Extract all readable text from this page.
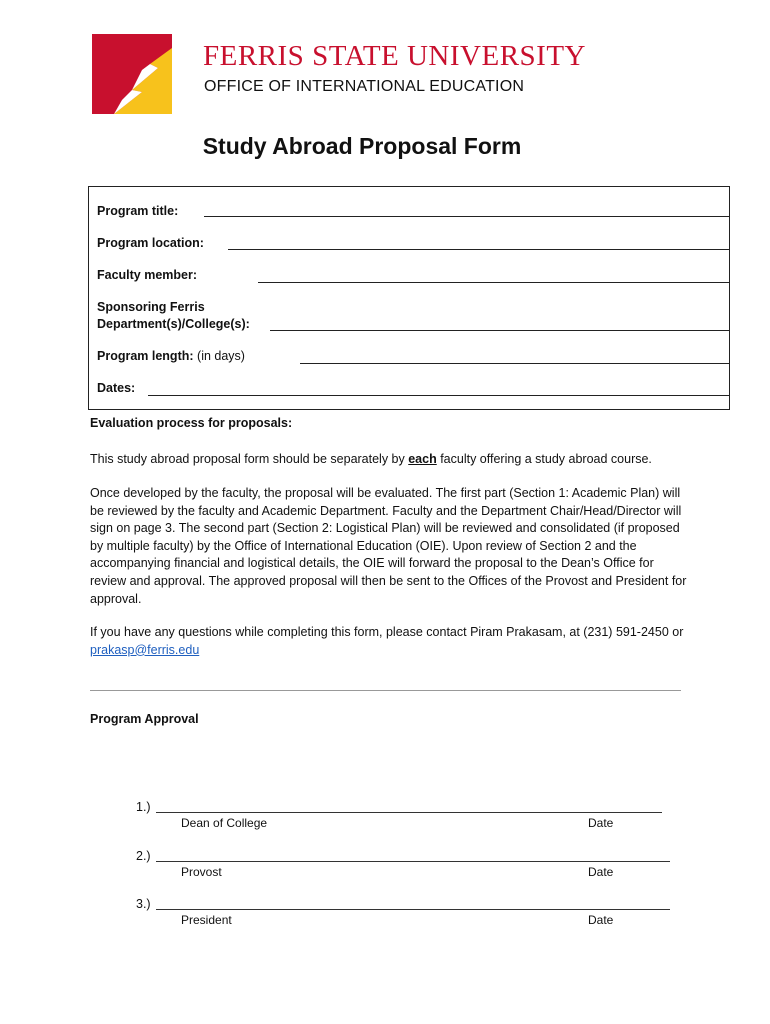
FERRIS STATE UNIVERSITY
OFFICE OF INTERNATIONAL EDUCATION
Study Abroad Proposal Form
Program title:
Program location:
Faculty member:
Sponsoring Ferris
Department(s)/College(s):
Program length: (in days)
Dates:
Evaluation process for proposals:
This study abroad proposal form should be separately by each faculty offering a study abroad course.
Once developed by the faculty, the proposal will be evaluated. The first part (Section 1: Academic Plan) will be reviewed by the faculty and Academic Department. Faculty and the Department Chair/Head/Director will sign on page 3. The second part (Section 2: Logistical Plan) will be reviewed and consolidated (if proposed by multiple faculty) by the Office of International Education (OIE). Upon review of Section 2 and the accompanying financial and logistical details, the OIE will forward the proposal to the Dean’s Office for review and approval. The approved proposal will then be sent to the Offices of the Provost and President for approval.
If you have any questions while completing this form, please contact Piram Prakasam, at (231) 591-2450 or prakasp@ferris.edu
Program Approval
1.)
Dean of College	Date
2.)
Provost	Date
3.)
President	Date
